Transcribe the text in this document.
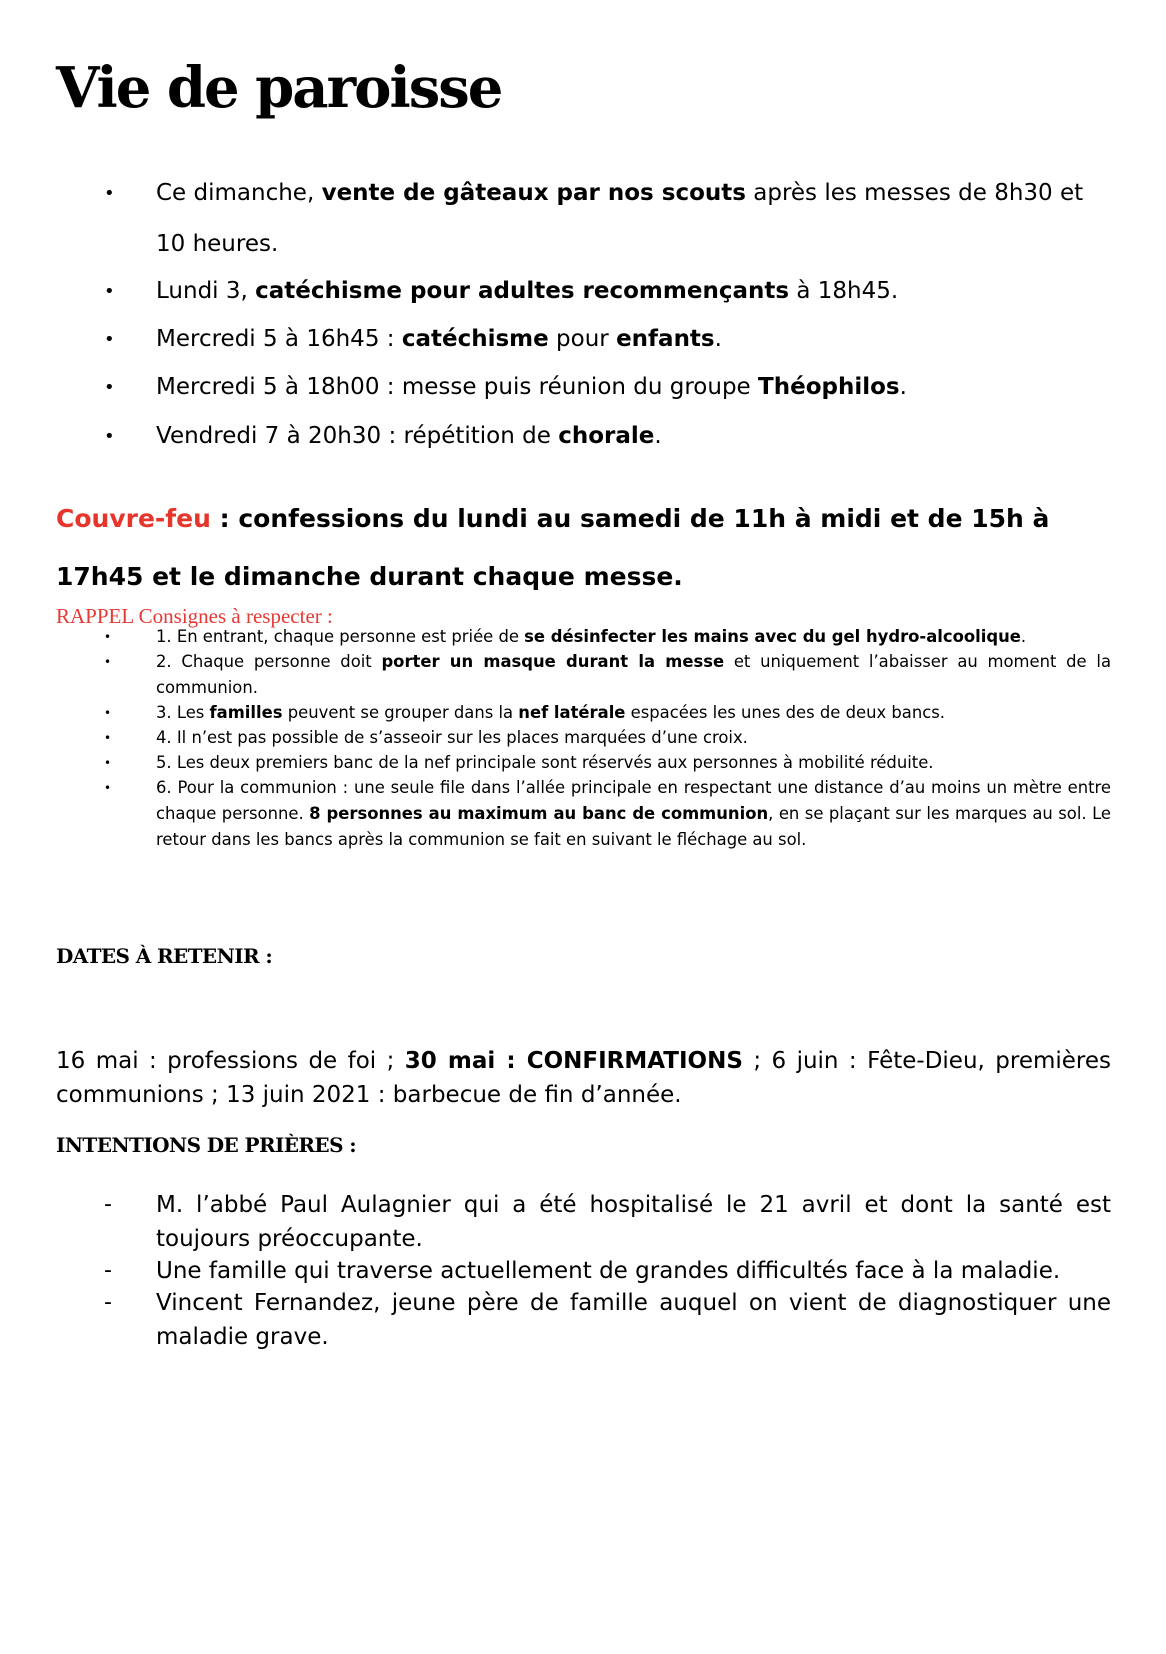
Vie de paroisse
• Ce dimanche, vente de gâteaux par nos scouts après les messes de 8h30 et 10 heures.
• Lundi 3, catéchisme pour adultes recommençants à 18h45.
• Mercredi 5 à 16h45 : catéchisme pour enfants.
• Mercredi 5 à 18h00 : messe puis réunion du groupe Théophilos.
• Vendredi 7 à 20h30 : répétition de chorale.
Couvre-feu : confessions du lundi au samedi de 11h à midi et de 15h à 17h45 et le dimanche durant chaque messe.
RAPPEL Consignes à respecter :
•	1. En entrant, chaque personne est priée de se désinfecter les mains avec du gel hydro-alcoolique.
•	2. Chaque personne doit porter un masque durant la messe et uniquement l’abaisser au moment de la communion.
•	3. Les familles peuvent se grouper dans la nef latérale espacées les unes des de deux bancs.
•	4. Il n’est pas possible de s’asseoir sur les places marquées d’une croix.
•	5. Les deux premiers banc de la nef principale sont réservés aux personnes à mobilité réduite.
•	6. Pour la communion : une seule file dans l’allée principale en respectant une distance d’au moins un mètre entre chaque personne. 8 personnes au maximum au banc de communion, en se plaçant sur les marques au sol. Le retour dans les bancs après la communion se fait en suivant le fléchage au sol.
DATES À RETENIR :
16 mai : professions de foi ; 30 mai : CONFIRMATIONS ; 6 juin : Fête-Dieu, premières communions ; 13 juin 2021 : barbecue de fin d’année.
INTENTIONS DE PRIÈRES :
- M. l’abbé Paul Aulagnier qui a été hospitalisé le 21 avril et dont la santé est toujours préoccupante.
- Une famille qui traverse actuellement de grandes difficultés face à la maladie.
- Vincent Fernandez, jeune père de famille auquel on vient de diagnostiquer une maladie grave.
